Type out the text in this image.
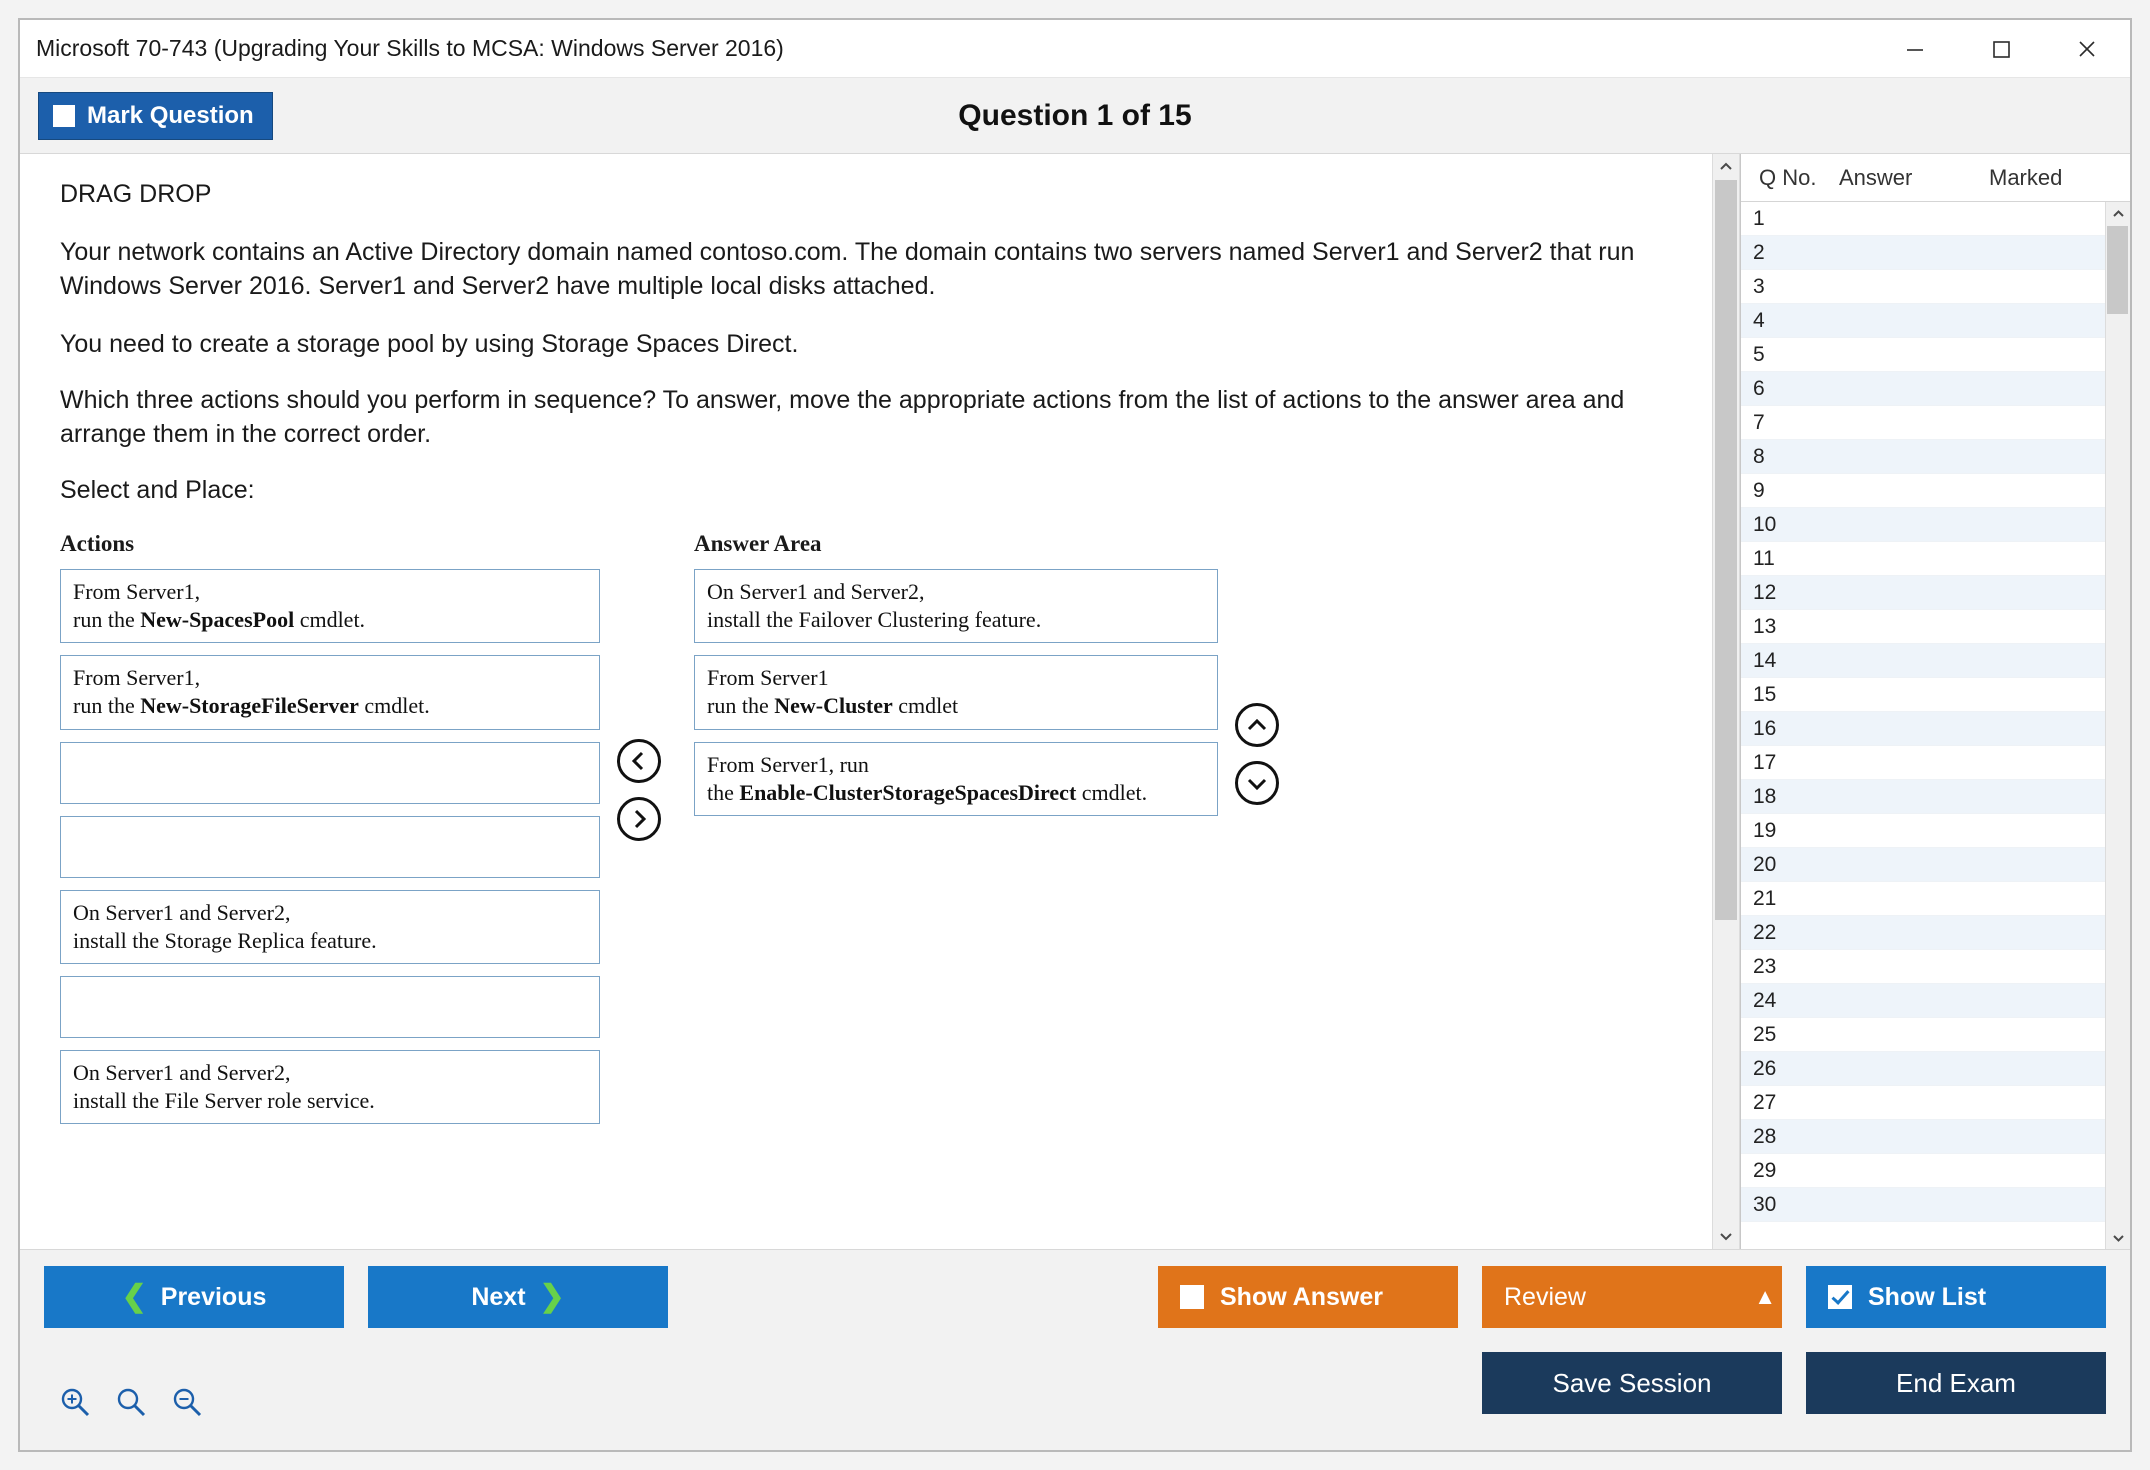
Microsoft 70-743 (Upgrading Your Skills to MCSA: Windows Server 2016)
Mark Question	Question 1 of 15
DRAG DROP
Your network contains an Active Directory domain named contoso.com. The domain contains two servers named Server1 and Server2 that run Windows Server 2016. Server1 and Server2 have multiple local disks attached.
You need to create a storage pool by using Storage Spaces Direct.
Which three actions should you perform in sequence? To answer, move the appropriate actions from the list of actions to the answer area and arrange them in the correct order.
Select and Place:
Actions
From Server1,
run the New-SpacesPool cmdlet.
From Server1,
run the New-StorageFileServer cmdlet.
On Server1 and Server2,
install the Storage Replica feature.
On Server1 and Server2,
install the File Server role service.
Answer Area
On Server1 and Server2,
install the Failover Clustering feature.
From Server1
run the New-Cluster cmdlet
From Server1, run
the Enable-ClusterStorageSpacesDirect cmdlet.
Q No.	Answer	Marked
1
2
3
4
5
6
7
8
9
10
11
12
13
14
15
16
17
18
19
20
21
22
23
24
25
26
27
28
29
30
❮ Previous	Next ❯	Show Answer	Review	▲	Show List
Save Session	End Exam
